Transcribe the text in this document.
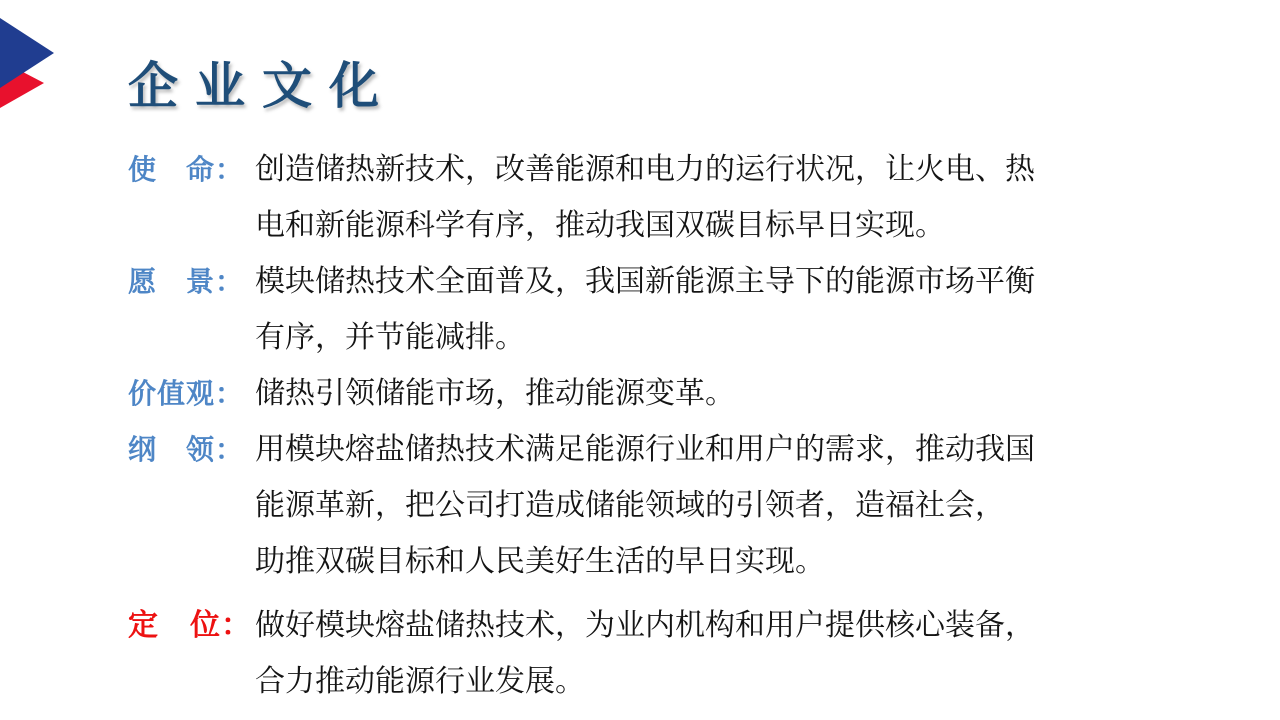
企业文化
使　命： 创造储热新技术，改善能源和电力的运行状况，让火电、热
电和新能源科学有序，推动我国双碳目标早日实现。
愿　景： 模块储热技术全面普及，我国新能源主导下的能源市场平衡
有序，并节能减排。
价值观： 储热引领储能市场，推动能源变革。
纲　领： 用模块熔盐储热技术满足能源行业和用户的需求，推动我国
能源革新，把公司打造成储能领域的引领者，造福社会，
助推双碳目标和人民美好生活的早日实现。
定　位： 做好模块熔盐储热技术，为业内机构和用户提供核心装备，
合力推动能源行业发展。
